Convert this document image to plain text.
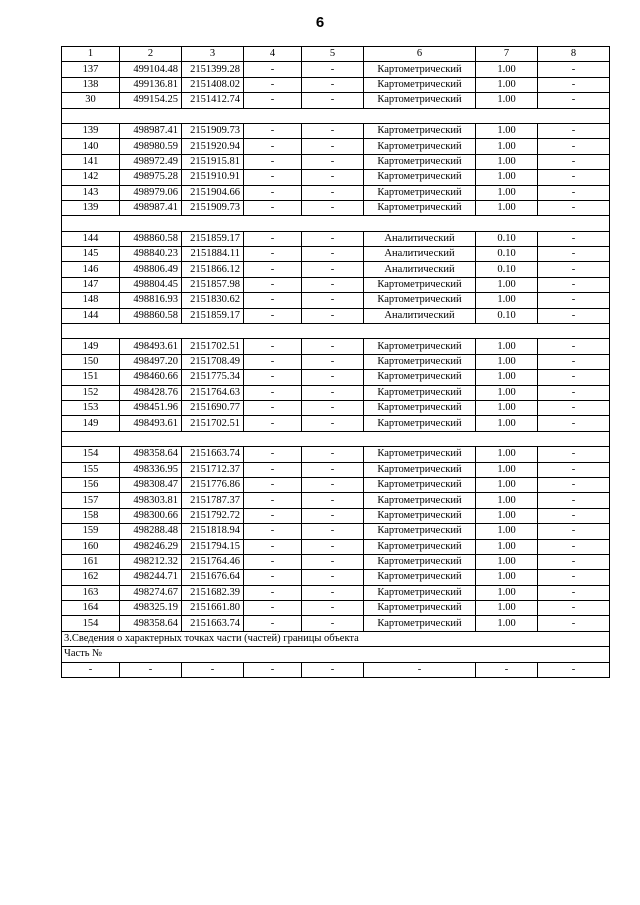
6
1	2	3	4	5	6	7	8
137	499104.48	2151399.28	-	-	Картометрический	1.00	-
138	499136.81	2151408.02	-	-	Картометрический	1.00	-
30	499154.25	2151412.74	-	-	Картометрический	1.00	-

139	498987.41	2151909.73	-	-	Картометрический	1.00	-
140	498980.59	2151920.94	-	-	Картометрический	1.00	-
141	498972.49	2151915.81	-	-	Картометрический	1.00	-
142	498975.28	2151910.91	-	-	Картометрический	1.00	-
143	498979.06	2151904.66	-	-	Картометрический	1.00	-
139	498987.41	2151909.73	-	-	Картометрический	1.00	-

144	498860.58	2151859.17	-	-	Аналитический	0.10	-
145	498840.23	2151884.11	-	-	Аналитический	0.10	-
146	498806.49	2151866.12	-	-	Аналитический	0.10	-
147	498804.45	2151857.98	-	-	Картометрический	1.00	-
148	498816.93	2151830.62	-	-	Картометрический	1.00	-
144	498860.58	2151859.17	-	-	Аналитический	0.10	-

149	498493.61	2151702.51	-	-	Картометрический	1.00	-
150	498497.20	2151708.49	-	-	Картометрический	1.00	-
151	498460.66	2151775.34	-	-	Картометрический	1.00	-
152	498428.76	2151764.63	-	-	Картометрический	1.00	-
153	498451.96	2151690.77	-	-	Картометрический	1.00	-
149	498493.61	2151702.51	-	-	Картометрический	1.00	-

154	498358.64	2151663.74	-	-	Картометрический	1.00	-
155	498336.95	2151712.37	-	-	Картометрический	1.00	-
156	498308.47	2151776.86	-	-	Картометрический	1.00	-
157	498303.81	2151787.37	-	-	Картометрический	1.00	-
158	498300.66	2151792.72	-	-	Картометрический	1.00	-
159	498288.48	2151818.94	-	-	Картометрический	1.00	-
160	498246.29	2151794.15	-	-	Картометрический	1.00	-
161	498212.32	2151764.46	-	-	Картометрический	1.00	-
162	498244.71	2151676.64	-	-	Картометрический	1.00	-
163	498274.67	2151682.39	-	-	Картометрический	1.00	-
164	498325.19	2151661.80	-	-	Картометрический	1.00	-
154	498358.64	2151663.74	-	-	Картометрический	1.00	-
3.Сведения о характерных точках части (частей) границы объекта							
Часть №							
-	-	-	-	-	-	-	-
